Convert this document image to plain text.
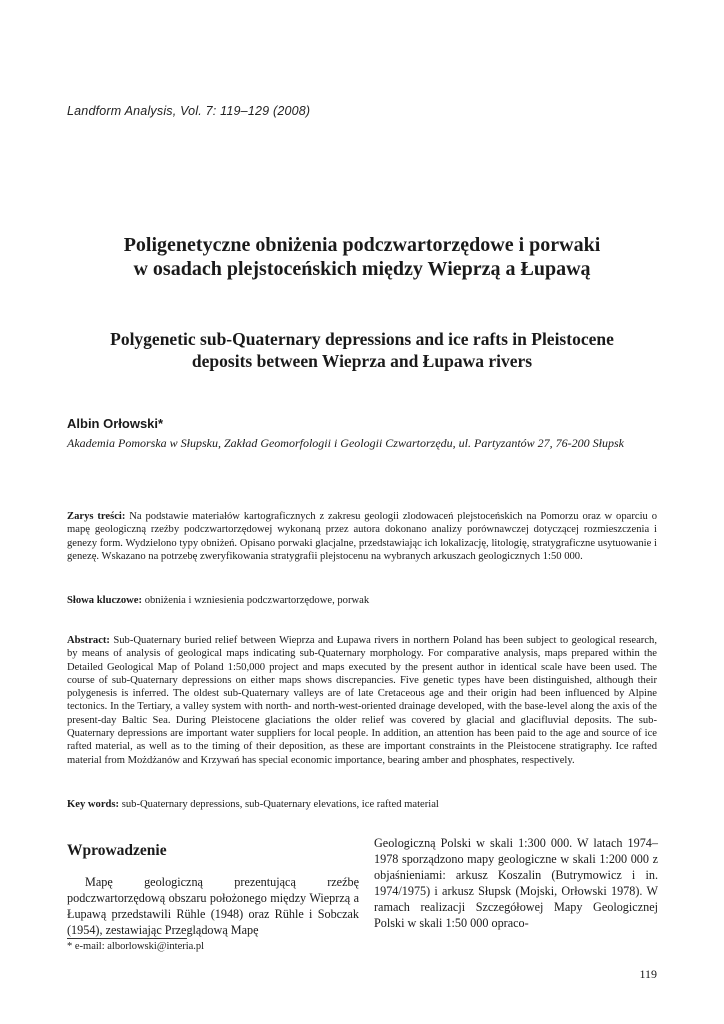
Landform Analysis, Vol. 7: 119–129 (2008)
Poligenetyczne obniżenia podczwartorzędowe i porwaki
w osadach plejstoceńskich między Wieprzą a Łupawą
Polygenetic sub-Quaternary depressions and ice rafts in Pleistocene
deposits between Wieprza and Łupawa rivers
Albin Orłowski*
Akademia Pomorska w Słupsku, Zakład Geomorfologii i Geologii Czwartorzędu, ul. Partyzantów 27, 76-200 Słupsk

Zarys treści: Na podstawie materiałów kartograficznych z zakresu geologii zlodowaceń plejstoceńskich na Pomorzu oraz w oparciu o mapę geologiczną rzeźby podczwartorzędowej wykonaną przez autora dokonano analizy porównawczej dotyczącej rozmieszczenia i genezy form. Wydzielono typy obniżeń. Opisano porwaki glacjalne, przedstawiając ich lokalizację, litologię, stratygraficzne usytuowanie i genezę. Wskazano na potrzebę zweryfikowania stratygrafii plejstocenu na wybranych arkuszach geologicznych 1:50 000.

Słowa kluczowe: obniżenia i wzniesienia podczwartorzędowe, porwak

Abstract: Sub-Quaternary buried relief between Wieprza and Łupawa rivers in northern Poland has been subject to geological research, by means of analysis of geological maps indicating sub-Quaternary morphology. For comparative analysis, maps prepared within the Detailed Geological Map of Poland 1:50,000 project and maps executed by the present author in identical scale have been used. The course of sub-Quaternary depressions on either maps shows discrepancies. Five genetic types have been distinguished, although their polygenesis is inferred. The oldest sub-Quaternary valleys are of late Cretaceous age and their origin had been influenced by Alpine tectonics. In the Tertiary, a valley system with north- and north-west-oriented drainage developed, with the base-level along the axis of the present-day Baltic Sea. During Pleistocene glaciations the older relief was covered by glacial and glacifluvial deposits. The sub-Quaternary depressions are important water suppliers for local people. In addition, an attention has been paid to the age and source of ice rafted material, as well as to the timing of their deposition, as these are important constraints in the Pleistocene stratigraphy. Ice rafted material from Możdżanów and Krzywań has special economic importance, bearing amber and phosphates, respectively.

Key words: sub-Quaternary depressions, sub-Quaternary elevations, ice rafted material

Wprowadzenie

Mapę geologiczną prezentującą rzeźbę podczwartorzędową obszaru położonego między Wieprzą a Łupawą przedstawili Rühle (1948) oraz Rühle i Sobczak (1954), zestawiając Przeglądową Mapę

Geologiczną Polski w skali 1:300 000. W latach 1974–1978 sporządzono mapy geologiczne w skali 1:200 000 z objaśnieniami: arkusz Koszalin (Butrymowicz i in. 1974/1975) i arkusz Słupsk (Mojski, Orłowski 1978). W ramach realizacji Szczegółowej Mapy Geologicznej Polski w skali 1:50 000 opraco-

* e-mail: alborlowski@interia.pl
119
